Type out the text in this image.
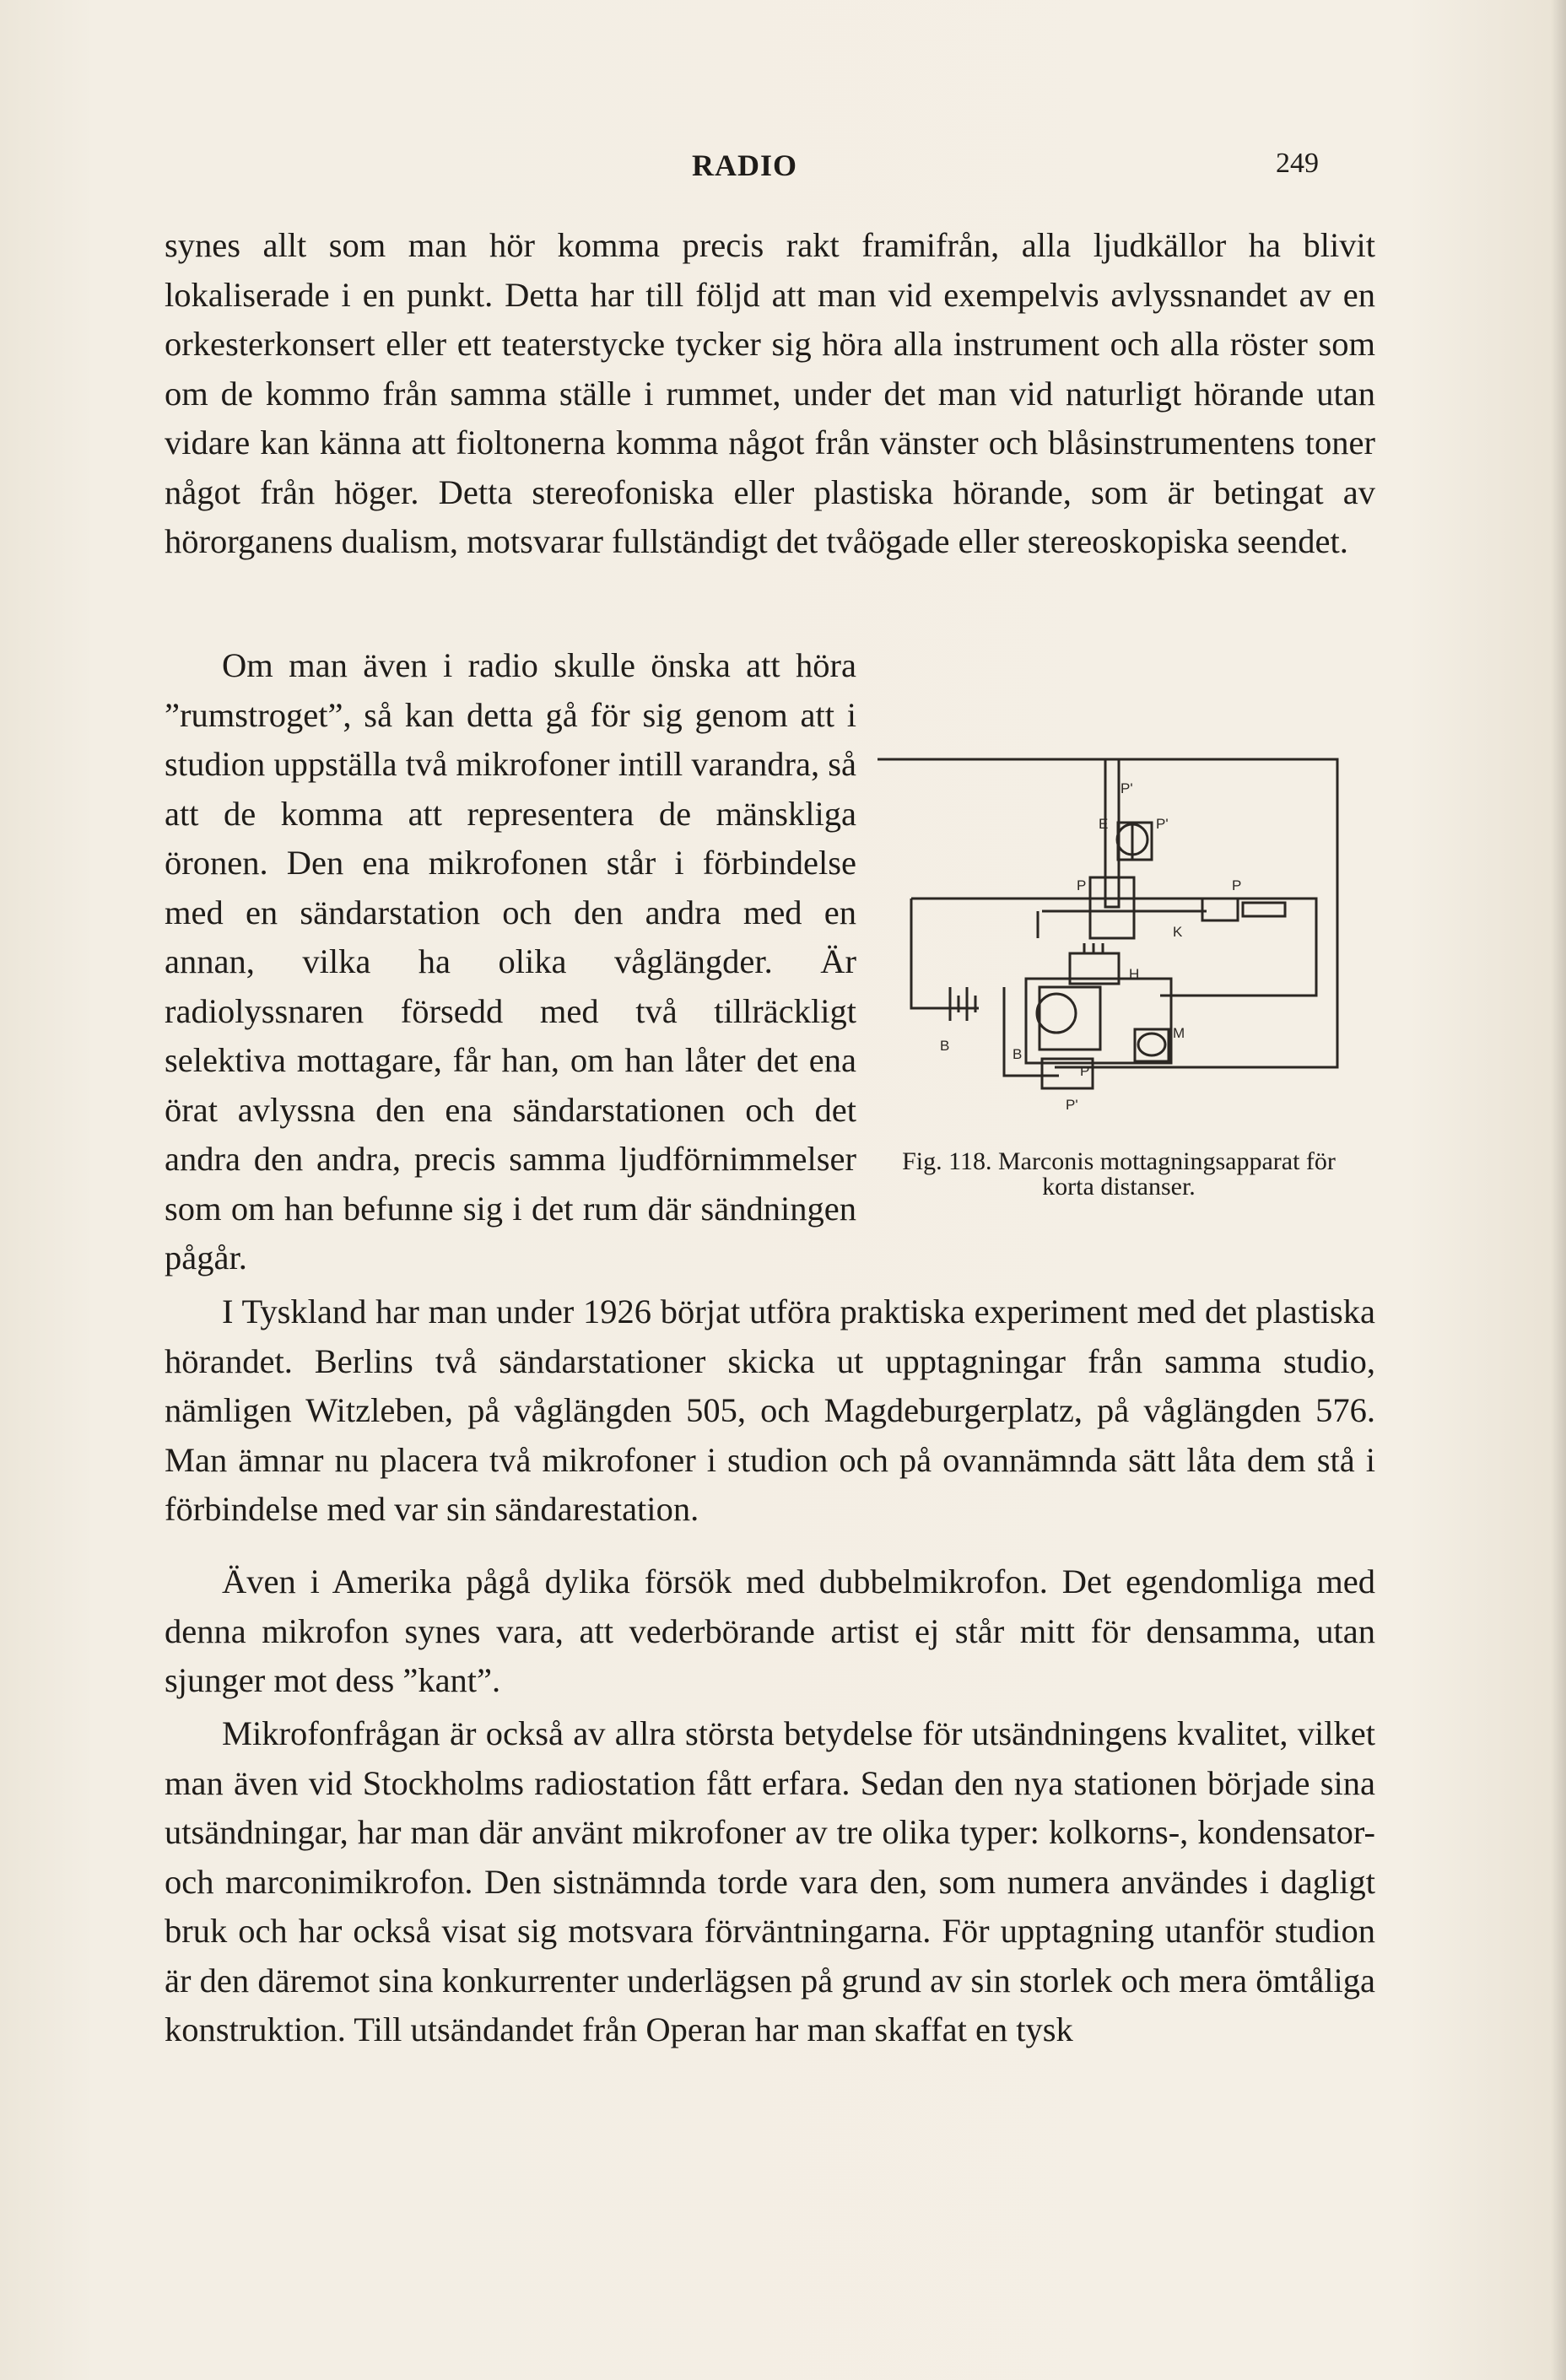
RADIO	249
synes allt som man hör komma precis rakt framifrån, alla ljudkällor ha blivit lokaliserade i en punkt. Detta har till följd att man vid exempelvis avlyssnandet av en orkesterkonsert eller ett teaterstycke tycker sig höra alla instrument och alla röster som om de kommo från samma ställe i rummet, under det man vid naturligt hörande utan vidare kan känna att fioltonerna komma något från vänster och blåsinstrumentens toner något från höger. Detta stereofoniska eller plastiska hörande, som är betingat av hörorganens dualism, motsvarar fullständigt det tvåögade eller stereoskopiska seendet.
Om man även i radio skulle önska att höra ”rumstroget”, så kan detta gå för sig genom att i studion uppställa två mikrofoner intill varandra, så att de komma att representera de mänskliga öronen. Den ena mikrofonen står i förbindelse med en sändarstation och den andra med en annan, vilka ha olika våglängder. Är radiolyssnaren försedd med två tillräckligt selektiva mottagare, får han, om han låter det ena örat avlyssna den ena sändarstationen och det andra den andra, precis samma ljudförnimmelser som om han befunne sig i det rum där sändningen pågår.
P'
E	P'
P	P
K
H
B
B
M
P
P'
Fig. 118. Marconis mottagningsapparat för korta distanser.
I Tyskland har man under 1926 börjat utföra praktiska experiment med det plastiska hörandet. Berlins två sändarstationer skicka ut upptagningar från samma studio, nämligen Witzleben, på våglängden 505, och Magdeburgerplatz, på våglängden 576. Man ämnar nu placera två mikrofoner i studion och på ovannämnda sätt låta dem stå i förbindelse med var sin sändarestation.
Även i Amerika pågå dylika försök med dubbelmikrofon. Det egendomliga med denna mikrofon synes vara, att vederbörande artist ej står mitt för densamma, utan sjunger mot dess ”kant”.
Mikrofonfrågan är också av allra största betydelse för utsändningens kvalitet, vilket man även vid Stockholms radiostation fått erfara. Sedan den nya stationen började sina utsändningar, har man där använt mikrofoner av tre olika typer: kolkorns-, kondensator- och marconimikrofon. Den sistnämnda torde vara den, som numera användes i dagligt bruk och har också visat sig motsvara förväntningarna. För upptagning utanför studion är den däremot sina konkurrenter underlägsen på grund av sin storlek och mera ömtåliga konstruktion. Till utsändandet från Operan har man skaffat en tysk
